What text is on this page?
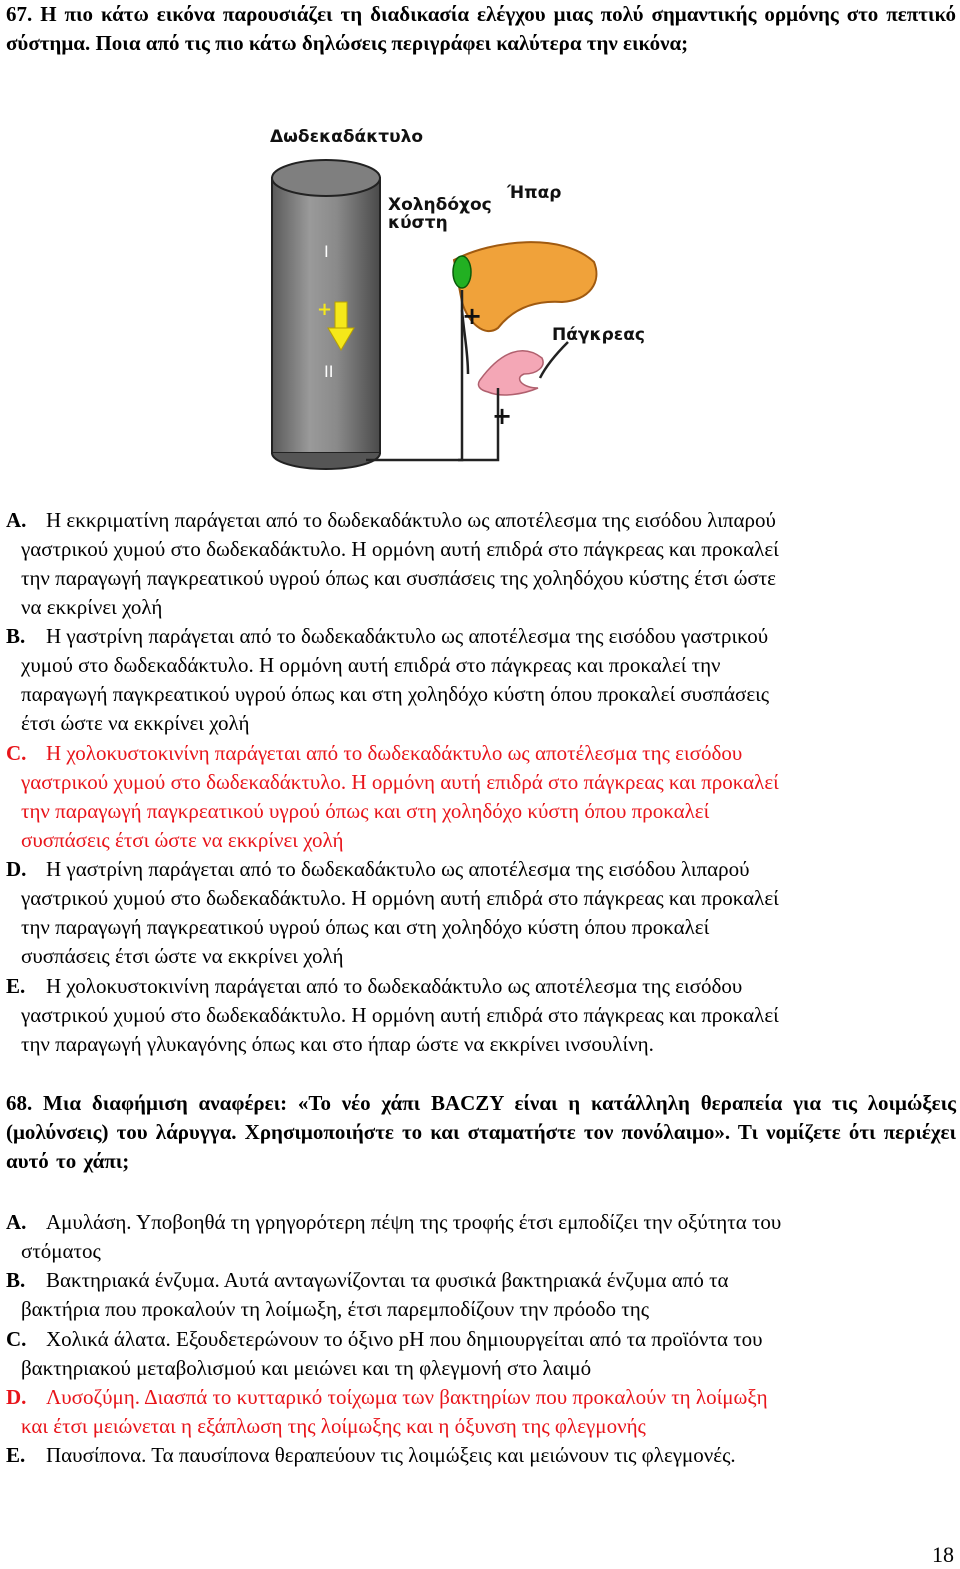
67. Η πιο κάτω εικόνα παρουσιάζει τη διαδικασία ελέγχου μιας πολύ σημαντικής ορμόνης στο πεπτικό σύστημα. Ποια από τις πιο κάτω δηλώσεις περιγράφει καλύτερα την εικόνα;
Δωδεκαδάκτυλο
Χοληδόχος
κύστη
Ήπαρ
Πάγκρεας
I
II
+	+
+
A. Η εκκριματίνη παράγεται από το δωδεκαδάκτυλο ως αποτέλεσμα της εισόδου λιπαρού
γαστρικού χυμού στο δωδεκαδάκτυλο. Η ορμόνη αυτή επιδρά στο πάγκρεας και προκαλεί
την παραγωγή παγκρεατικού υγρού όπως και συσπάσεις της χοληδόχου κύστης έτσι ώστε
να εκκρίνει χολή
B. Η γαστρίνη παράγεται από το δωδεκαδάκτυλο ως αποτέλεσμα της εισόδου γαστρικού
χυμού στο δωδεκαδάκτυλο. Η ορμόνη αυτή επιδρά στο πάγκρεας και προκαλεί την
παραγωγή παγκρεατικού υγρού όπως και στη χοληδόχο κύστη όπου προκαλεί συσπάσεις
έτσι ώστε να εκκρίνει χολή
C. Η χολοκυστοκινίνη παράγεται από το δωδεκαδάκτυλο ως αποτέλεσμα της εισόδου
γαστρικού χυμού στο δωδεκαδάκτυλο. Η ορμόνη αυτή επιδρά στο πάγκρεας και προκαλεί
την παραγωγή παγκρεατικού υγρού όπως και στη χοληδόχο κύστη όπου προκαλεί
συσπάσεις έτσι ώστε να εκκρίνει χολή
D. Η γαστρίνη παράγεται από το δωδεκαδάκτυλο ως αποτέλεσμα της εισόδου λιπαρού
γαστρικού χυμού στο δωδεκαδάκτυλο. Η ορμόνη αυτή επιδρά στο πάγκρεας και προκαλεί
την παραγωγή παγκρεατικού υγρού όπως και στη χοληδόχο κύστη όπου προκαλεί
συσπάσεις έτσι ώστε να εκκρίνει χολή
E. Η χολοκυστοκινίνη παράγεται από το δωδεκαδάκτυλο ως αποτέλεσμα της εισόδου
γαστρικού χυμού στο δωδεκαδάκτυλο. Η ορμόνη αυτή επιδρά στο πάγκρεας και προκαλεί
την παραγωγή γλυκαγόνης όπως και στο ήπαρ ώστε να εκκρίνει ινσουλίνη.
68. Μια διαφήμιση αναφέρει: «Το νέο χάπι BACZY είναι η κατάλληλη θεραπεία για τις λοιμώξεις (μολύνσεις) του λάρυγγα. Χρησιμοποιήστε το και σταματήστε τον πονόλαιμο». Τι νομίζετε ότι περιέχει αυτό το χάπι;
A. Αμυλάση. Υποβοηθά τη γρηγορότερη πέψη της τροφής έτσι εμποδίζει την οξύτητα του
στόματος
B. Βακτηριακά ένζυμα. Αυτά ανταγωνίζονται τα φυσικά βακτηριακά ένζυμα από τα
βακτήρια που προκαλούν τη λοίμωξη, έτσι παρεμποδίζουν την πρόοδο της
C. Χολικά άλατα. Εξουδετερώνουν το όξινο pH που δημιουργείται από τα προϊόντα του
βακτηριακού μεταβολισμού και μειώνει και τη φλεγμονή στο λαιμό
D. Λυσοζύμη. Διασπά το κυτταρικό τοίχωμα των βακτηρίων που προκαλούν τη λοίμωξη
και έτσι μειώνεται η εξάπλωση της λοίμωξης και η όξυνση της φλεγμονής
E. Παυσίπονα. Τα παυσίπονα θεραπεύουν τις λοιμώξεις και μειώνουν τις φλεγμονές.
18
